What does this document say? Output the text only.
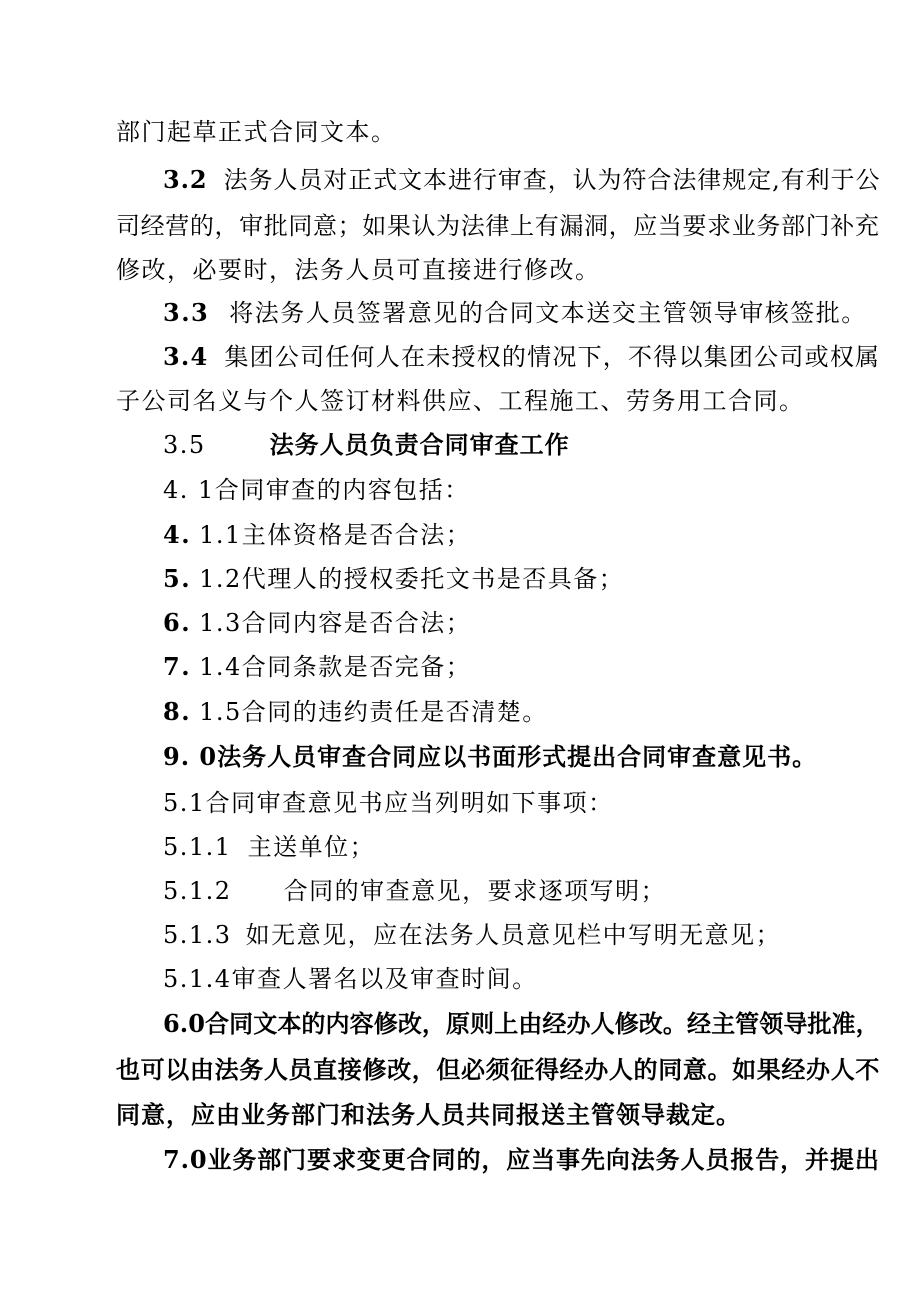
部门起草正式合同文本。

3.2 法务人员对正式文本进行审查，认为符合法律规定,有利于公

司经营的，审批同意；如果认为法律上有漏洞，应当要求业务部门补充

修改，必要时，法务人员可直接进行修改。

3.3 将法务人员签署意见的合同文本送交主管领导审核签批。

3.4 集团公司任何人在未授权的情况下，不得以集团公司或权属

子公司名义与个人签订材料供应、工程施工、劳务用工合同。

3.5	法务人员负责合同审查工作

4. 1合同审查的内容包括：

4. 1.1主体资格是否合法；

5. 1.2代理人的授权委托文书是否具备；

6. 1.3合同内容是否合法；

7. 1.4合同条款是否完备；

8. 1.5合同的违约责任是否清楚。

9. 0法务人员审查合同应以书面形式提出合同审查意见书。

5.1合同审查意见书应当列明如下事项：

5.1.1 主送单位；

5.1.2 合同的审查意见，要求逐项写明；

5.1.3 如无意见，应在法务人员意见栏中写明无意见；

5.1.4审查人署名以及审查时间。

6.0合同文本的内容修改，原则上由经办人修改。经主管领导批准，

也可以由法务人员直接修改，但必须征得经办人的同意。如果经办人不

同意，应由业务部门和法务人员共同报送主管领导裁定。

7.0业务部门要求变更合同的，应当事先向法务人员报告，并提出
